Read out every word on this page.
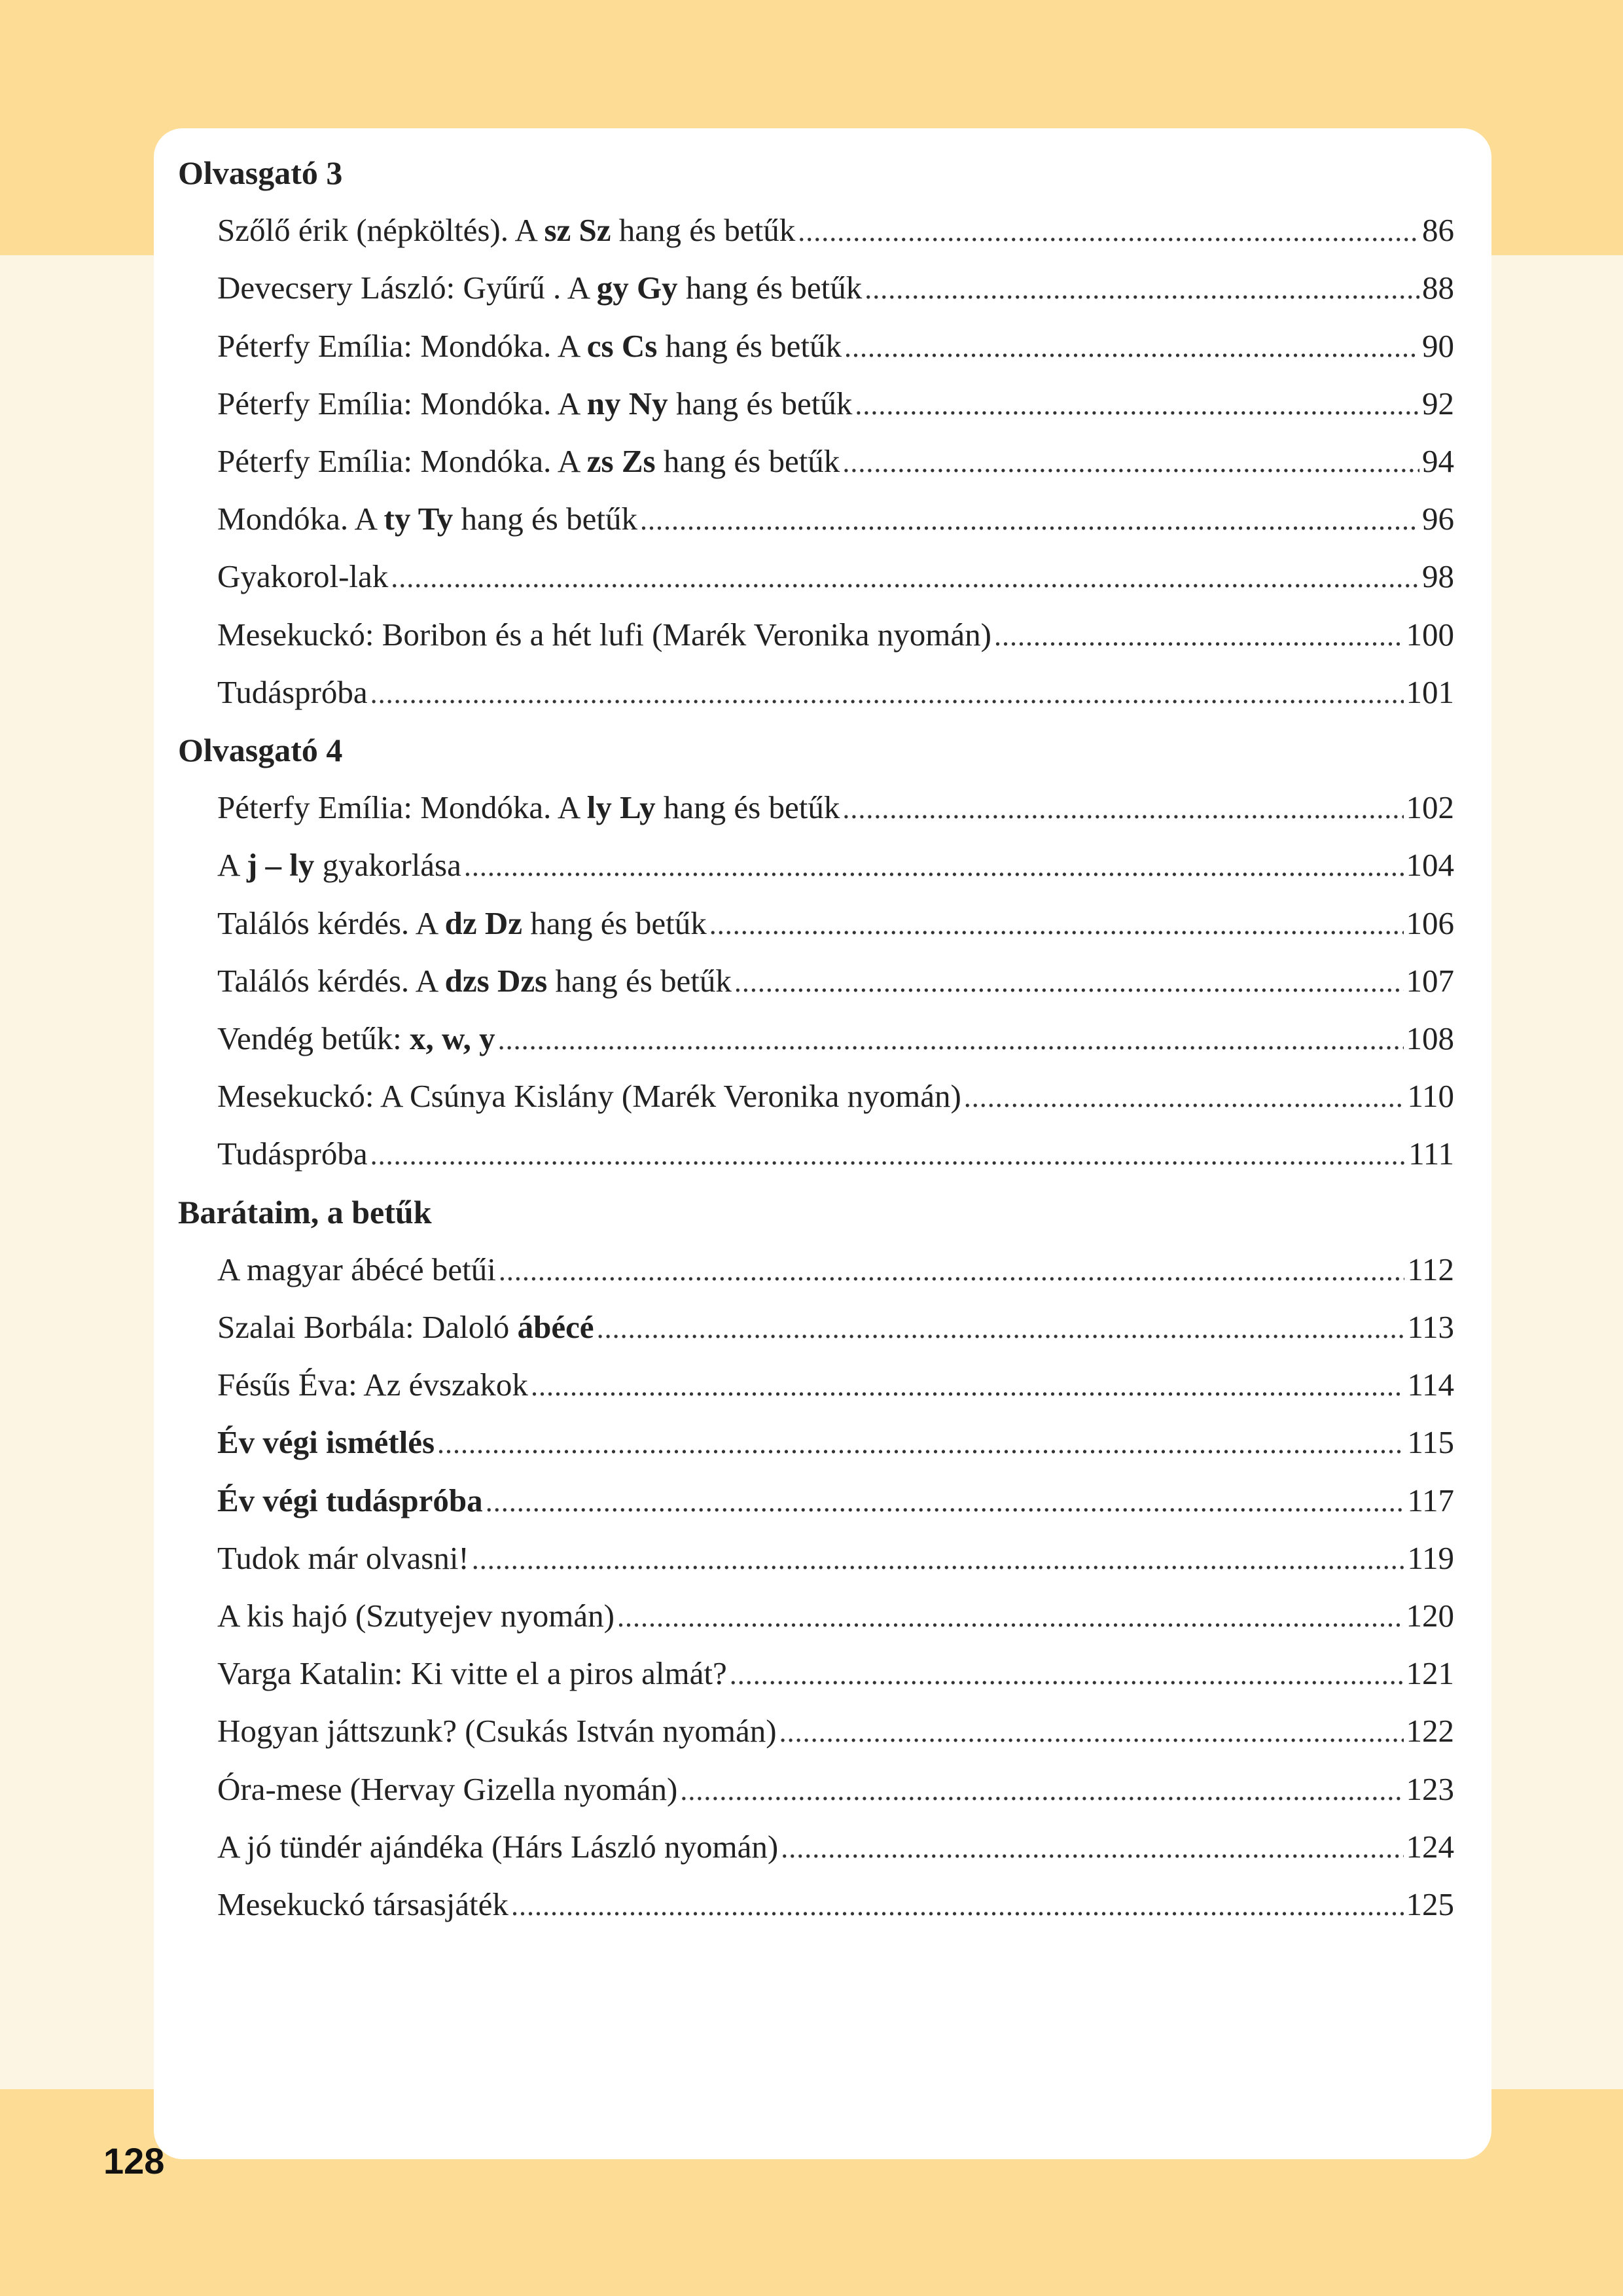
Olvasgató 3
Szőlő érik (népköltés). A sz Sz hang és betűk .....	86
Devecsery László: Gyűrű . A gy Gy hang és betűk .....	88
Péterfy Emília: Mondóka. A cs Cs hang és betűk .....	90
Péterfy Emília: Mondóka. A ny Ny hang és betűk .....	92
Péterfy Emília: Mondóka. A zs Zs hang és betűk .....	94
Mondóka. A ty Ty hang és betűk .....	96
Gyakorol-lak .....	98
Mesekuckó: Boribon és a hét lufi (Marék Veronika nyomán) .....	100
Tudáspróba .....	101
Olvasgató 4
Péterfy Emília: Mondóka. A ly Ly hang és betűk .....	102
A j – ly gyakorlása .....	104
Találós kérdés. A dz Dz hang és betűk .....	106
Találós kérdés. A dzs Dzs hang és betűk .....	107
Vendég betűk: x, w, y .....	108
Mesekuckó: A Csúnya Kislány (Marék Veronika nyomán) .....	110
Tudáspróba .....	111
Barátaim, a betűk
A magyar ábécé betűi .....	112
Szalai Borbála: Daloló ábécé .....	113
Fésűs Éva: Az évszakok .....	114
Év végi ismétlés .....	115
Év végi tudáspróba .....	117
Tudok már olvasni! .....	119
A kis hajó (Szutyejev nyomán) .....	120
Varga Katalin: Ki vitte el a piros almát? .....	121
Hogyan játtszunk? (Csukás István nyomán) .....	122
Óra-mese (Hervay Gizella nyomán) .....	123
A jó tündér ajándéka (Hárs László nyomán) .....	124
Mesekuckó társasjáték .....	125
128
